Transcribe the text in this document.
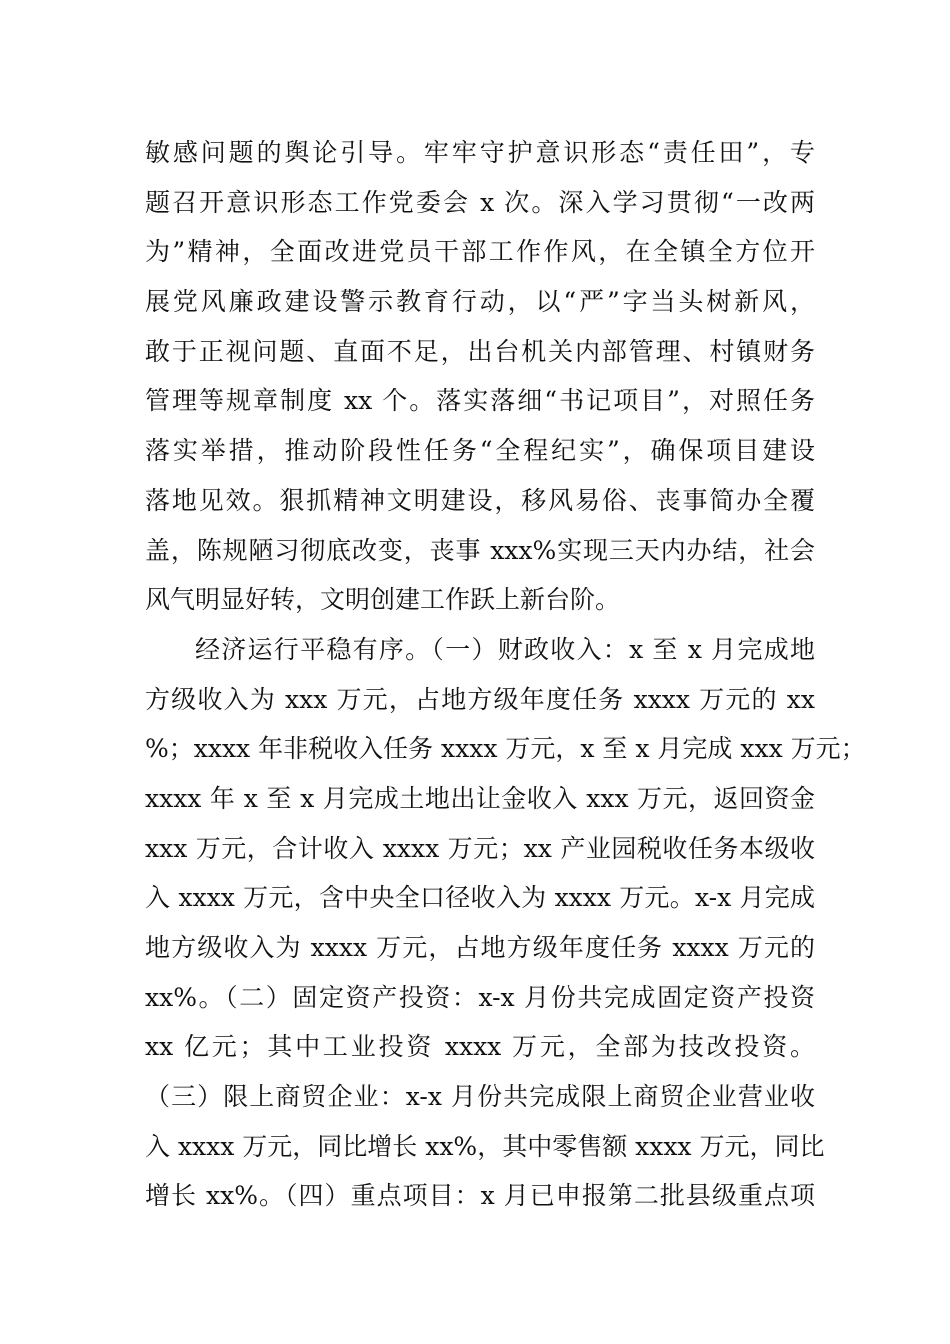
敏感问题的舆论引导。牢牢守护意识形态“责任田”，专
题召开意识形态工作党委会 x 次。深入学习贯彻“一改两
为”精神，全面改进党员干部工作作风，在全镇全方位开
展党风廉政建设警示教育行动，以“严”字当头树新风，
敢于正视问题、直面不足，出台机关内部管理、村镇财务
管理等规章制度 xx 个。落实落细“书记项目”，对照任务
落实举措，推动阶段性任务“全程纪实”，确保项目建设
落地见效。狠抓精神文明建设，移风易俗、丧事简办全覆
盖，陈规陋习彻底改变，丧事 xxx%实现三天内办结，社会
风气明显好转，文明创建工作跃上新台阶。
经济运行平稳有序。（一）财政收入：x 至 x 月完成地
方级收入为 xxx 万元，占地方级年度任务 xxxx 万元的 xx
%；xxxx 年非税收入任务 xxxx 万元，x 至 x 月完成 xxx 万元；
xxxx 年 x 至 x 月完成土地出让金收入 xxx 万元，返回资金
xxx 万元，合计收入 xxxx 万元；xx 产业园税收任务本级收
入 xxxx 万元，含中央全口径收入为 xxxx 万元。x-x 月完成
地方级收入为 xxxx 万元，占地方级年度任务 xxxx 万元的
xx%。（二）固定资产投资：x-x 月份共完成固定资产投资
xx 亿元；其中工业投资 xxxx 万元，全部为技改投资。
（三）限上商贸企业：x-x 月份共完成限上商贸企业营业收
入 xxxx 万元，同比增长 xx%，其中零售额 xxxx 万元，同比
增长 xx%。（四）重点项目：x 月已申报第二批县级重点项
